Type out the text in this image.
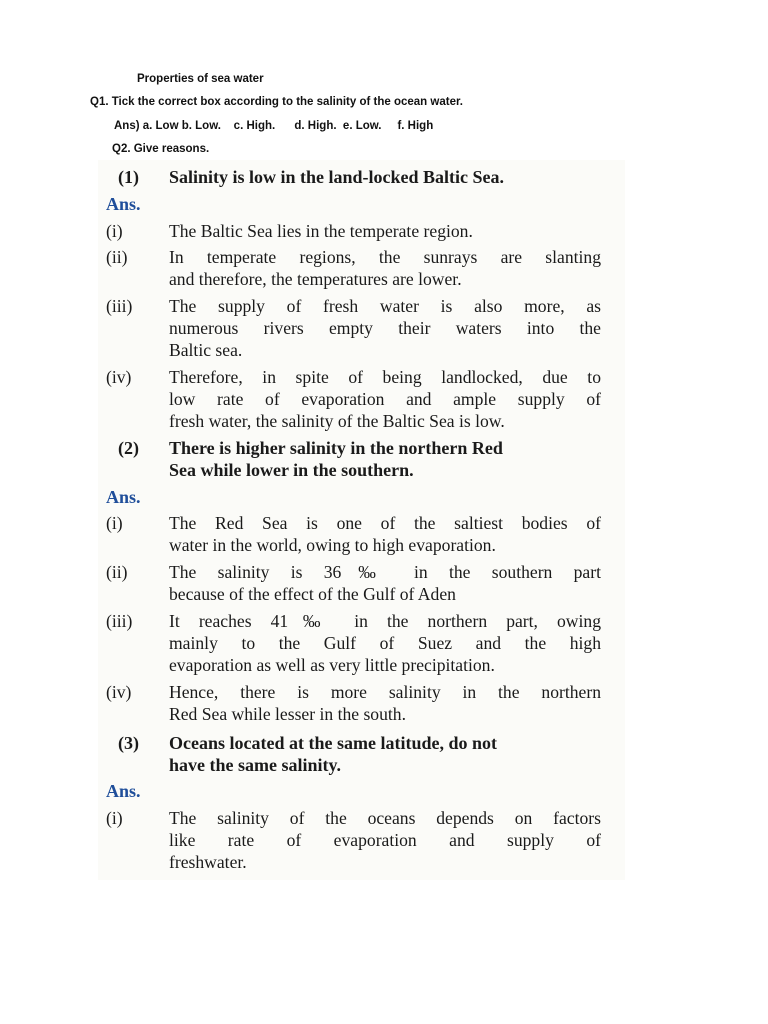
Properties of sea water
Q1. Tick the correct box according to the salinity of the ocean water.
Ans) a. Low b. Low.    c. High.      d. High.  e. Low.     f. High
Q2. Give reasons.
(1) Salinity is low in the land-locked Baltic Sea.
Ans.
(i)	The Baltic Sea lies in the temperate region.
(ii) In temperate regions, the sunrays are slanting
and therefore, the temperatures are lower.
(iii) The supply of fresh water is also more, as
numerous rivers empty their waters into the
Baltic sea.
(iv) Therefore, in spite of being landlocked, due to
low rate of evaporation and ample supply of
fresh water, the salinity of the Baltic Sea is low.
(2) There is higher salinity in the northern Red
Sea while lower in the southern.
Ans.
(i)	The Red Sea is one of the saltiest bodies of
water in the world, owing to high evaporation.
(ii) The salinity is 36‰ in the southern part
because of the effect of the Gulf of Aden
(iii) It reaches 41‰ in the northern part, owing
mainly to the Gulf of Suez and the high
evaporation as well as very little precipitation.
(iv) Hence, there is more salinity in the northern
Red Sea while lesser in the south.
(3) Oceans located at the same latitude, do not
have the same salinity.
Ans.
(i)	The salinity of the oceans depends on factors
like rate of evaporation and supply of
freshwater.
